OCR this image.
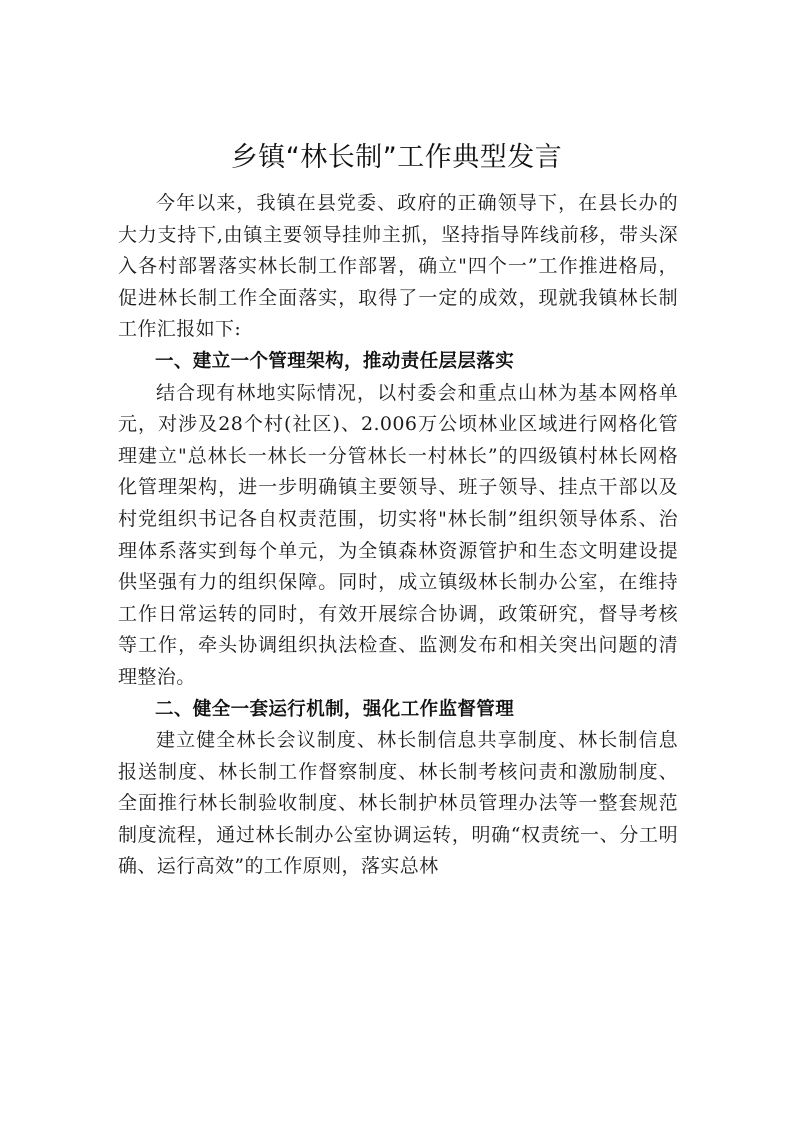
乡镇“林长制”工作典型发言

今年以来，我镇在县党委、政府的正确领导下，在县长办的大力支持下,由镇主要领导挂帅主抓，坚持指导阵线前移，带头深入各村部署落实林长制工作部署，确立"四个一”工作推进格局，促进林长制工作全面落实，取得了一定的成效，现就我镇林长制工作汇报如下:

一、建立一个管理架构，推动责任层层落实

结合现有林地实际情况，以村委会和重点山林为基本网格单元，对涉及28个村(社区)、2.006万公顷林业区域进行网格化管理建立"总林长一林长一分管林长一村林长”的四级镇村林长网格化管理架构，进一步明确镇主要领导、班子领导、挂点干部以及村党组织书记各自权责范围，切实将"林长制”组织领导体系、治理体系落实到每个单元，为全镇森林资源管护和生态文明建设提供坚强有力的组织保障。同时，成立镇级林长制办公室，在维持工作日常运转的同时，有效开展综合协调，政策研究，督导考核等工作，牵头协调组织执法检查、监测发布和相关突出问题的清理整治。

二、健全一套运行机制，强化工作监督管理

建立健全林长会议制度、林长制信息共享制度、林长制信息报送制度、林长制工作督察制度、林长制考核问责和激励制度、全面推行林长制验收制度、林长制护林员管理办法等一整套规范制度流程，通过林长制办公室协调运转，明确“权责统一、分工明确、运行高效”的工作原则，落实总林
